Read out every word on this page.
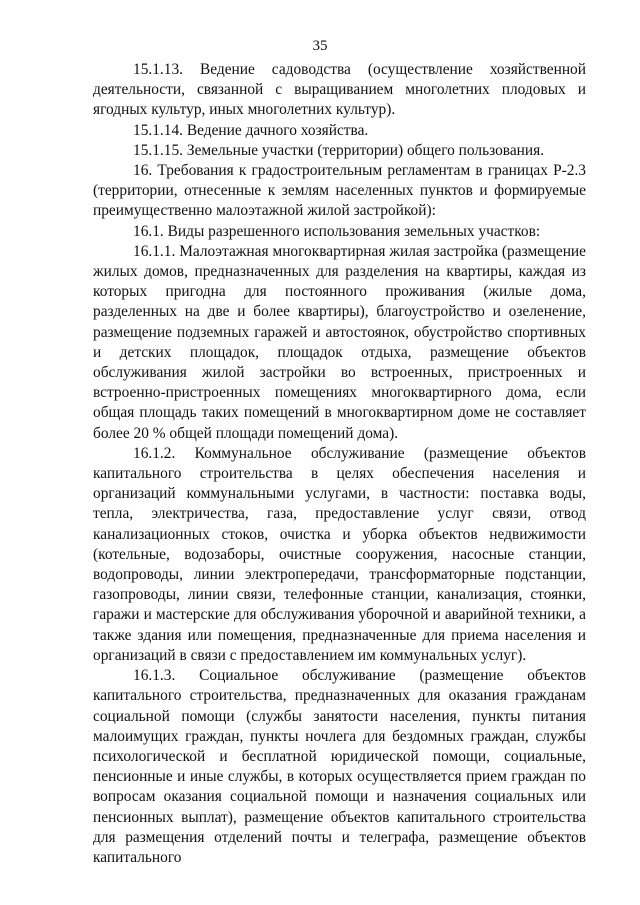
35

15.1.13. Ведение садоводства (осуществление хозяйственной деятельности, связанной с выращиванием многолетних плодовых и ягодных культур, иных многолетних культур).

15.1.14. Ведение дачного хозяйства.

15.1.15. Земельные участки (территории) общего пользования.

16. Требования к градостроительным регламентам в границах Р-2.3 (территории, отнесенные к землям населенных пунктов и формируемые преимущественно малоэтажной жилой застройкой):

16.1. Виды разрешенного использования земельных участков:

16.1.1. Малоэтажная многоквартирная жилая застройка (размещение жилых домов, предназначенных для разделения на квартиры, каждая из которых пригодна для постоянного проживания (жилые дома, разделенных на две и более квартиры), благоустройство и озеленение, размещение подземных гаражей и автостоянок, обустройство спортивных и детских площадок, площадок отдыха, размещение объектов обслуживания жилой застройки во встроенных, пристроенных и встроенно-пристроенных помещениях многоквартирного дома, если общая площадь таких помещений в многоквартирном доме не составляет более 20 % общей площади помещений дома).

16.1.2. Коммунальное обслуживание (размещение объектов капитального строительства в целях обеспечения населения и организаций коммунальными услугами, в частности: поставка воды, тепла, электричества, газа, предоставление услуг связи, отвод канализационных стоков, очистка и уборка объектов недвижимости (котельные, водозаборы, очистные сооружения, насосные станции, водопроводы, линии электропередачи, трансформаторные подстанции, газопроводы, линии связи, телефонные станции, канализация, стоянки, гаражи и мастерские для обслуживания уборочной и аварийной техники, а также здания или помещения, предназначенные для приема населения и организаций в связи с предоставлением им коммунальных услуг).

16.1.3. Социальное обслуживание (размещение объектов капитального строительства, предназначенных для оказания гражданам социальной помощи (службы занятости населения, пункты питания малоимущих граждан, пункты ночлега для бездомных граждан, службы психологической и бесплатной юридической помощи, социальные, пенсионные и иные службы, в которых осуществляется прием граждан по вопросам оказания социальной помощи и назначения социальных или пенсионных выплат), размещение объектов капитального строительства для размещения отделений почты и телеграфа, размещение объектов капитального
